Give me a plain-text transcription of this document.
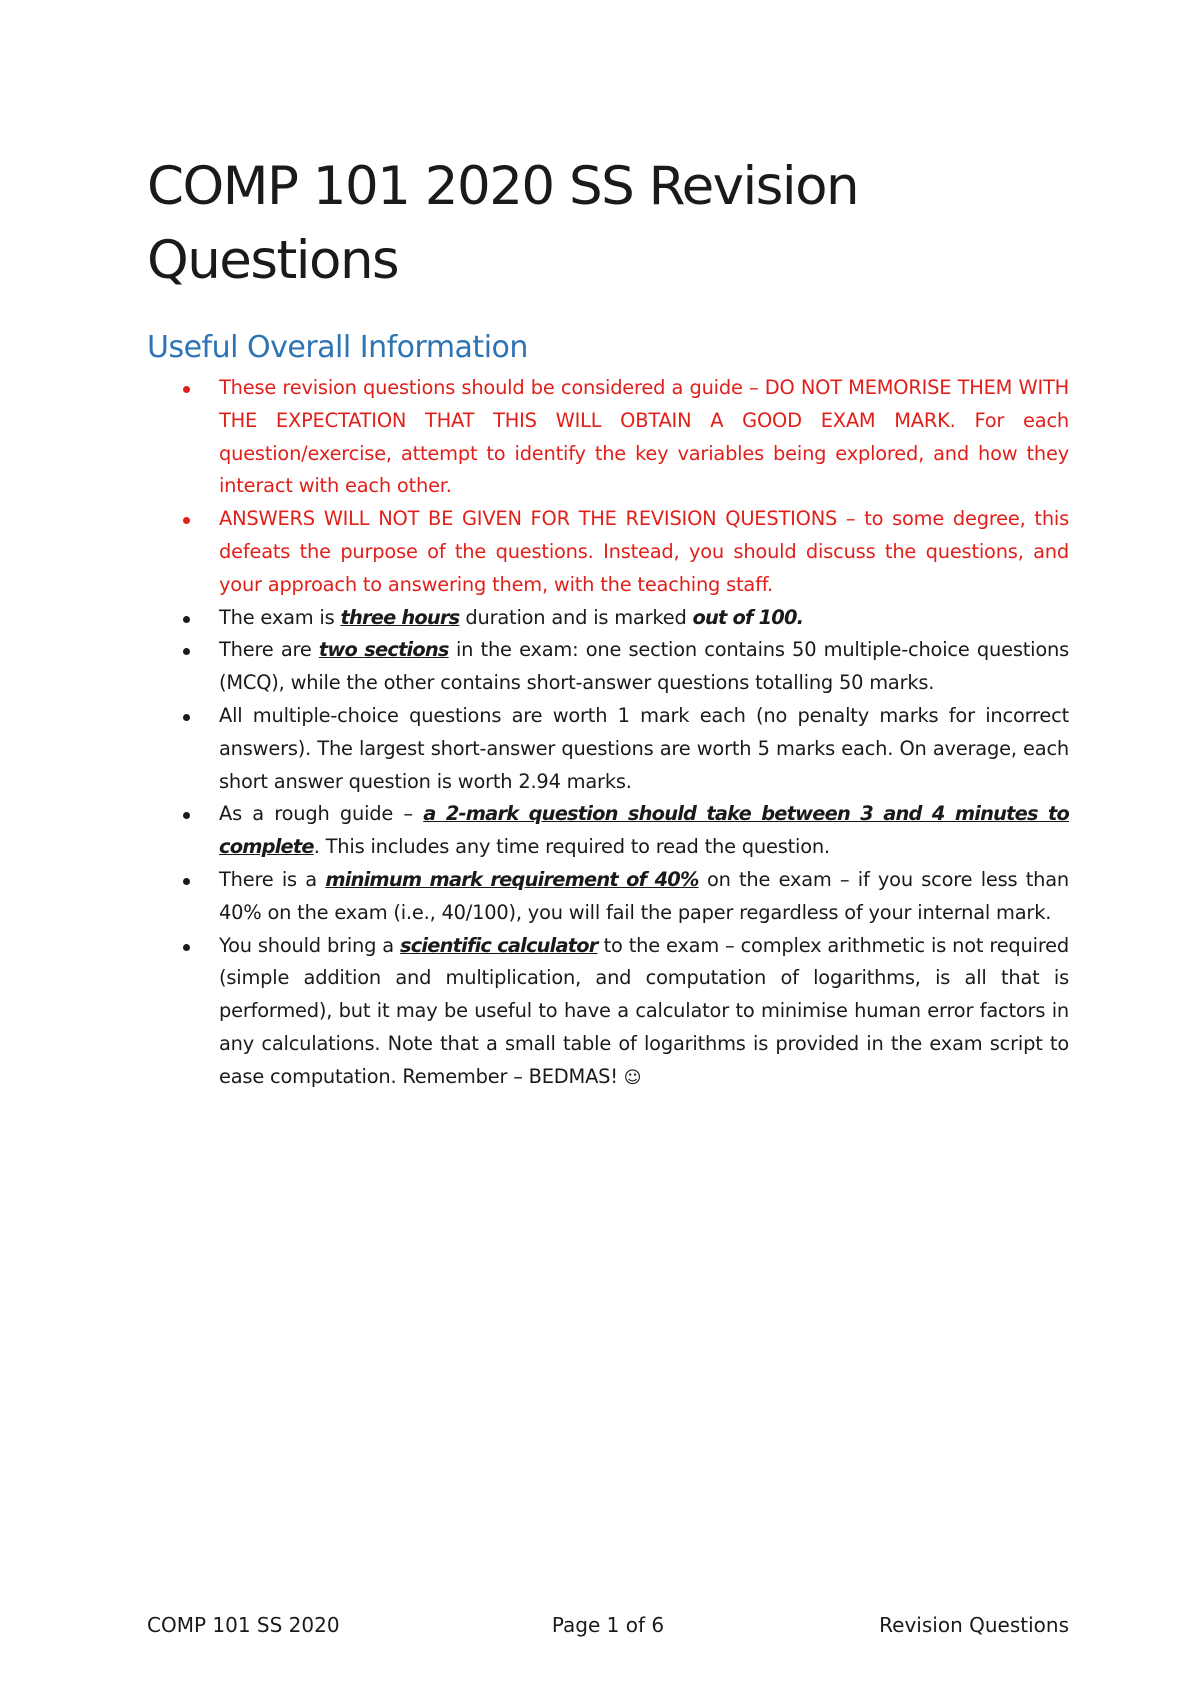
COMP 101 2020 SS Revision
Questions
Useful Overall Information
These revision questions should be considered a guide – DO NOT MEMORISE THEM WITH THE EXPECTATION THAT THIS WILL OBTAIN A GOOD EXAM MARK. For each question/exercise, attempt to identify the key variables being explored, and how they interact with each other.
ANSWERS WILL NOT BE GIVEN FOR THE REVISION QUESTIONS – to some degree, this defeats the purpose of the questions. Instead, you should discuss the questions, and your approach to answering them, with the teaching staff.
The exam is three hours duration and is marked out of 100.
There are two sections in the exam: one section contains 50 multiple-choice questions (MCQ), while the other contains short-answer questions totalling 50 marks.
All multiple-choice questions are worth 1 mark each (no penalty marks for incorrect answers). The largest short-answer questions are worth 5 marks each. On average, each short answer question is worth 2.94 marks.
As a rough guide – a 2-mark question should take between 3 and 4 minutes to complete. This includes any time required to read the question.
There is a minimum mark requirement of 40% on the exam – if you score less than 40% on the exam (i.e., 40/100), you will fail the paper regardless of your internal mark.
You should bring a scientific calculator to the exam – complex arithmetic is not required (simple addition and multiplication, and computation of logarithms, is all that is performed), but it may be useful to have a calculator to minimise human error factors in any calculations. Note that a small table of logarithms is provided in the exam script to ease computation. Remember – BEDMAS! ☺
Page 1 of 6
COMP 101 SS 2020	Revision Questions
